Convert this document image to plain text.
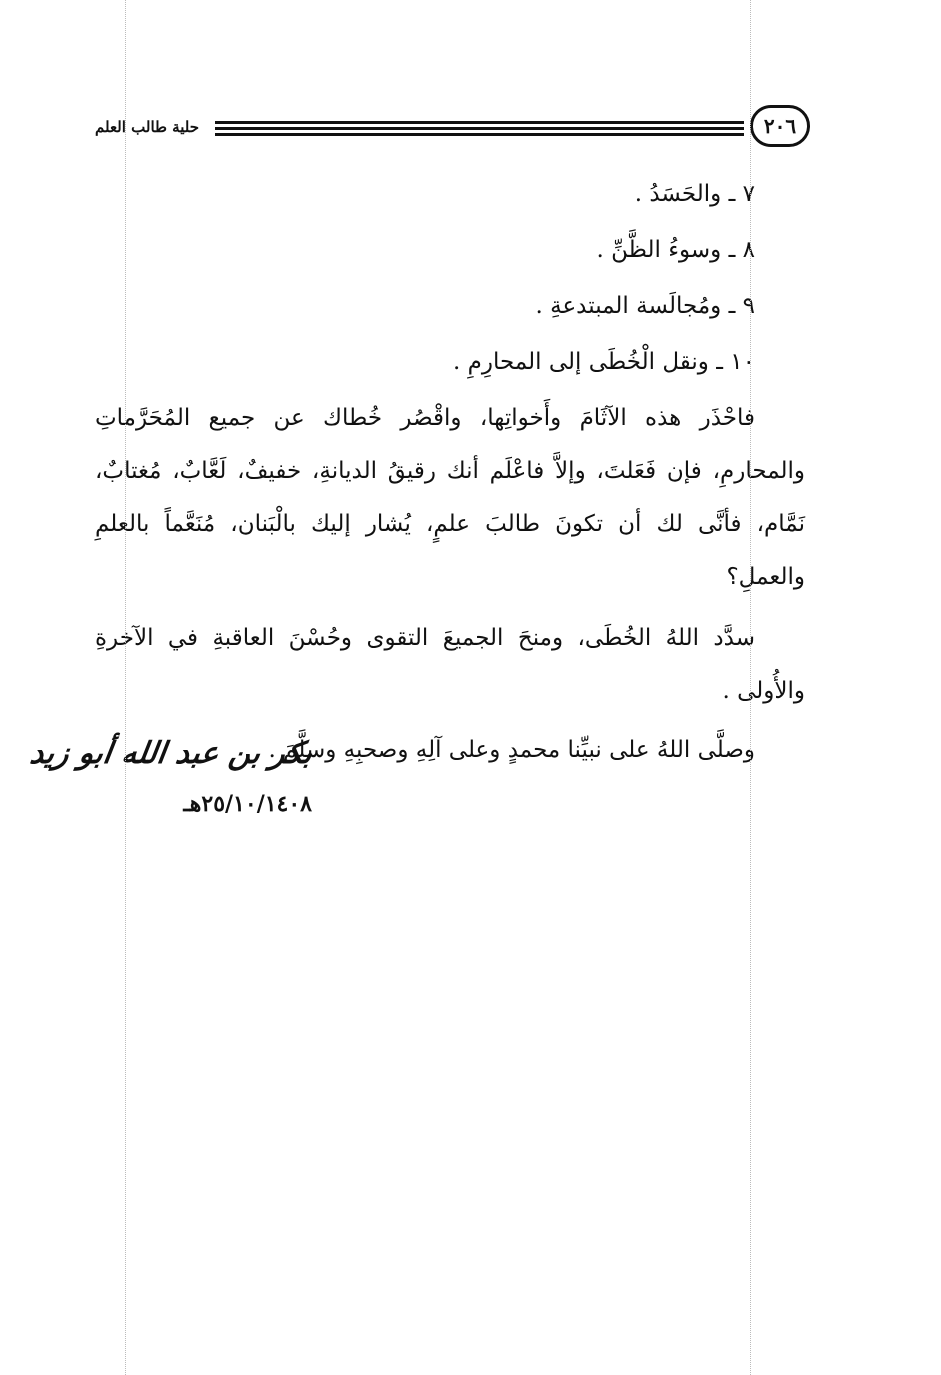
حلية طالب العلم	٢٠٦
٧ ـ والحَسَدُ .
٨ ـ وسوءُ الظَّنِّ .
٩ ـ ومُجالَسة المبتدعةِ .
١٠ ـ ونقل الْخُطَى إلى المحارِمِ .

فاحْذَر هذه الآثَامَ وأَخواتِها، واقْصُر خُطاك عن جميع المُحَرَّماتِ والمحارمِ، فإن فَعَلتَ، وإلاَّ فاعْلَم أنك رقيقُ الديانةِ، خفيفٌ، لَعَّابٌ، مُغتابٌ، نَمَّام، فأنَّى لك أن تكونَ طالبَ علمٍ، يُشار إليك بالْبَنان، مُنَعَّماً بالعلمِ والعملِ؟

سدَّد اللهُ الخُطَى، ومنحَ الجميعَ التقوى وحُسْنَ العاقبةِ في الآخرةِ والأُولى .

وصلَّى اللهُ على نبيِّنا محمدٍ وعلى آلِهِ وصحبِهِ وسلَّمَ .
بكر بن عبد الله أبو زيد
٢٥/١٠/١٤٠٨هـ
